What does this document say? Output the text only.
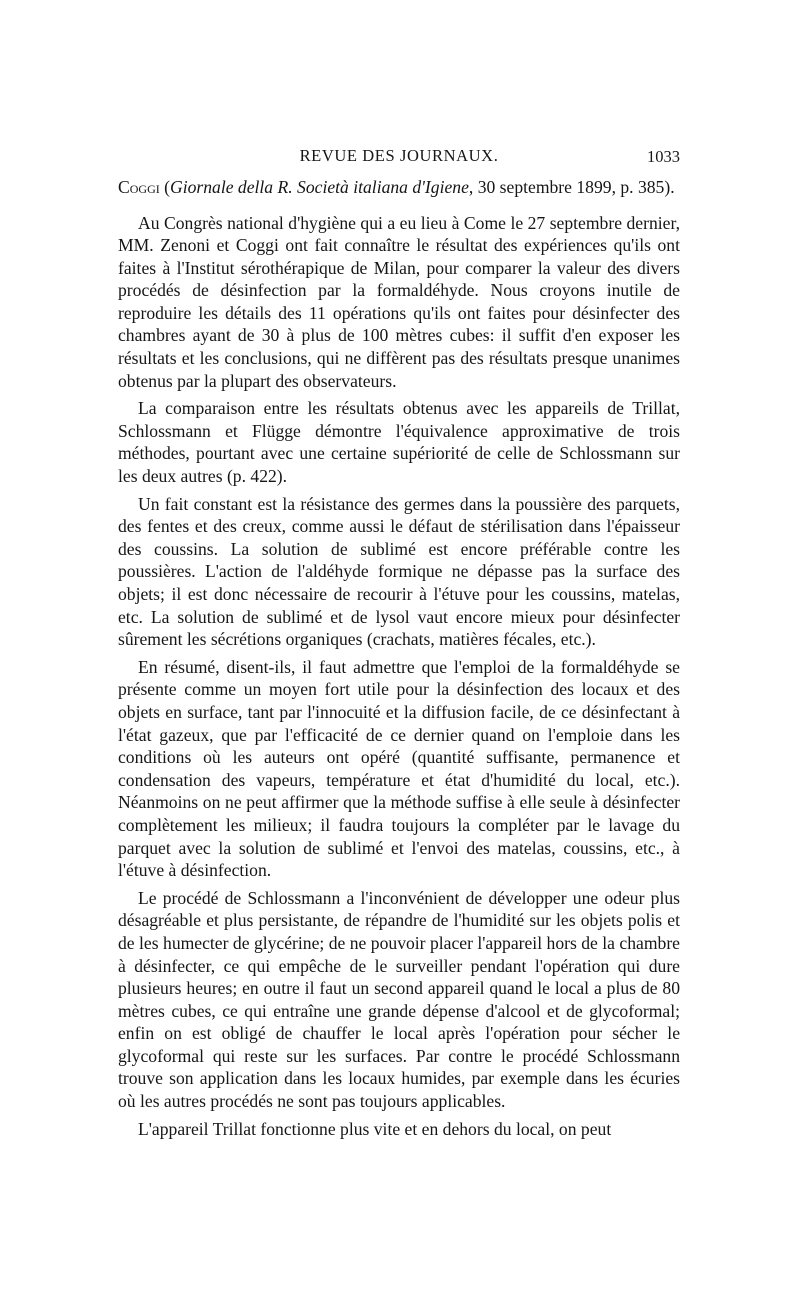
REVUE DES JOURNAUX.	1033

Coggi (Giornale della R. Società italiana d'Igiene, 30 septembre 1899, p. 385).

Au Congrès national d'hygiène qui a eu lieu à Come le 27 septembre dernier, MM. Zenoni et Coggi ont fait connaître le résultat des expériences qu'ils ont faites à l'Institut sérothérapique de Milan, pour comparer la valeur des divers procédés de désinfection par la formaldéhyde. Nous croyons inutile de reproduire les détails des 11 opérations qu'ils ont faites pour désinfecter des chambres ayant de 30 à plus de 100 mètres cubes: il suffit d'en exposer les résultats et les conclusions, qui ne diffèrent pas des résultats presque unanimes obtenus par la plupart des observateurs.

La comparaison entre les résultats obtenus avec les appareils de Trillat, Schlossmann et Flügge démontre l'équivalence approximative de trois méthodes, pourtant avec une certaine supériorité de celle de Schlossmann sur les deux autres (p. 422).

Un fait constant est la résistance des germes dans la poussière des parquets, des fentes et des creux, comme aussi le défaut de stérilisation dans l'épaisseur des coussins. La solution de sublimé est encore préférable contre les poussières. L'action de l'aldéhyde formique ne dépasse pas la surface des objets; il est donc nécessaire de recourir à l'étuve pour les coussins, matelas, etc. La solution de sublimé et de lysol vaut encore mieux pour désinfecter sûrement les sécrétions organiques (crachats, matières fécales, etc.).

En résumé, disent-ils, il faut admettre que l'emploi de la formaldéhyde se présente comme un moyen fort utile pour la désinfection des locaux et des objets en surface, tant par l'innocuité et la diffusion facile, de ce désinfectant à l'état gazeux, que par l'efficacité de ce dernier quand on l'emploie dans les conditions où les auteurs ont opéré (quantité suffisante, permanence et condensation des vapeurs, température et état d'humidité du local, etc.). Néanmoins on ne peut affirmer que la méthode suffise à elle seule à désinfecter complètement les milieux; il faudra toujours la compléter par le lavage du parquet avec la solution de sublimé et l'envoi des matelas, coussins, etc., à l'étuve à désinfection.

Le procédé de Schlossmann a l'inconvénient de développer une odeur plus désagréable et plus persistante, de répandre de l'humidité sur les objets polis et de les humecter de glycérine; de ne pouvoir placer l'appareil hors de la chambre à désinfecter, ce qui empêche de le surveiller pendant l'opération qui dure plusieurs heures; en outre il faut un second appareil quand le local a plus de 80 mètres cubes, ce qui entraîne une grande dépense d'alcool et de glycoformal; enfin on est obligé de chauffer le local après l'opération pour sécher le glycoformal qui reste sur les surfaces. Par contre le procédé Schlossmann trouve son application dans les locaux humides, par exemple dans les écuries où les autres procédés ne sont pas toujours applicables.

L'appareil Trillat fonctionne plus vite et en dehors du local, on peut
